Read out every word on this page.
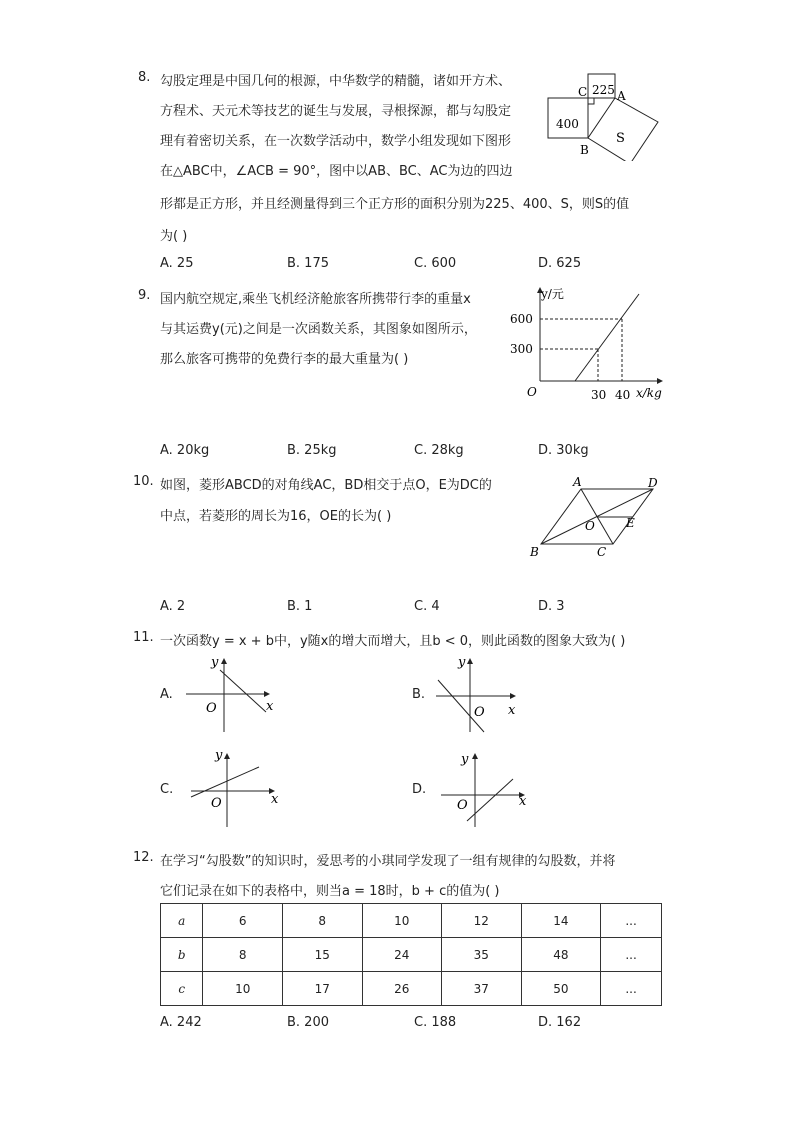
8. 勾股定理是中国几何的根源，中华数学的精髓，诸如开方术、
方程术、天元术等技艺的诞生与发展，寻根探源，都与勾股定
理有着密切关系，在一次数学活动中，数学小组发现如下图形
在△ABC中，∠ACB = 90°，图中以AB、BC、AC为边的四边
形都是正方形，并且经测量得到三个正方形的面积分别为225、400、S，则S的值
为( )
A. 25	B. 175	C. 600	D. 625
C A
B
225
400
S
9. 国内航空规定,乘坐飞机经济舱旅客所携带行李的重量x
与其运费y(元)之间是一次函数关系，其图象如图所示，
那么旅客可携带的免费行李的最大重量为( )
A. 20kg	B. 25kg	C. 28kg	D. 30kg
y/元
x/kg
O
600
300
30 40
10. 如图，菱形ABCD的对角线AC，BD相交于点O，E为DC的
中点，若菱形的周长为16，OE的长为( )
A. 2	B. 1	C. 4	D. 3
A	D
B	C
O	E
11. 一次函数y = x + b中，y随x的增大而增大，且b < 0，则此函数的图象大致为( )
A.
y
x
O
B.
y
x
O
C.
y
x
O
D.
y
x
O
12. 在学习“勾股数”的知识时，爱思考的小琪同学发现了一组有规律的勾股数，并将
它们记录在如下的表格中，则当a = 18时，b + c的值为( )
a	6	8	10	12	14	...
b	8	15	24	35	48	...
c	10	17	26	37	50	...
A. 242	B. 200	C. 188	D. 162
